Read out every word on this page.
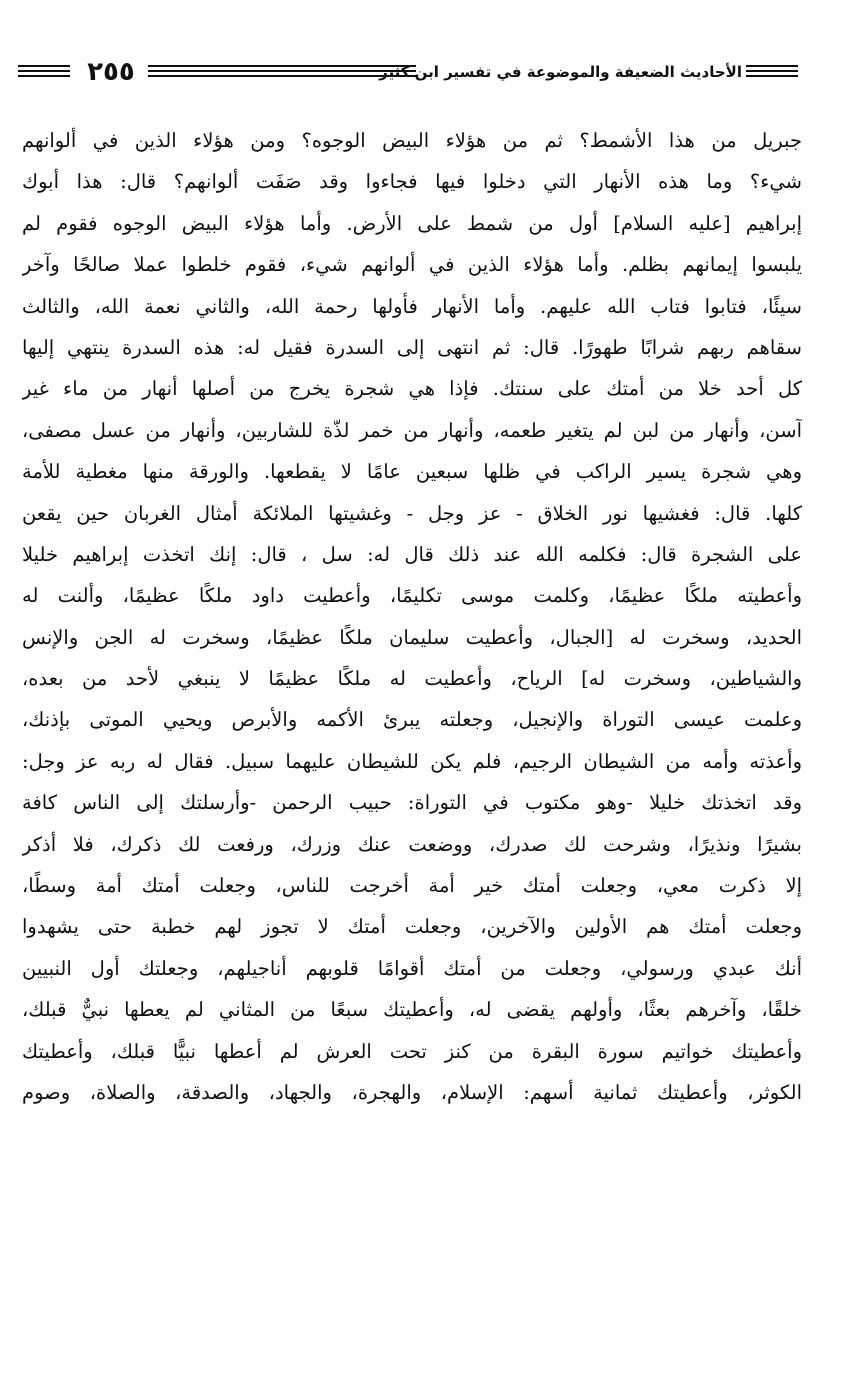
٢٥٥	الأحاديث الضعيفة والموضوعة في تفسير ابن كثير
جبريل من هذا الأشمط؟ ثم من هؤلاء البيض الوجوه؟ ومن هؤلاء الذين في ألوانهم
شيء؟ وما هذه الأنهار التي دخلوا فيها فجاءوا وقد صَفَت ألوانهم؟ قال: هذا أبوك
إبراهيم [عليه السلام] أول من شمط على الأرض. وأما هؤلاء البيض الوجوه فقوم لم
يلبسوا إيمانهم بظلم. وأما هؤلاء الذين في ألوانهم شيء، فقوم خلطوا عملا صالحًا وآخر
سيئًا، فتابوا فتاب الله عليهم. وأما الأنهار فأولها رحمة الله، والثاني نعمة الله، والثالث
سقاهم ربهم شرابًا طهورًا. قال: ثم انتهى إلى السدرة فقيل له: هذه السدرة ينتهي إليها
كل أحد خلا من أمتك على سنتك. فإذا هي شجرة يخرج من أصلها أنهار من ماء غير
آسن، وأنهار من لبن لم يتغير طعمه، وأنهار من خمر لذّة للشاربين، وأنهار من عسل مصفى،
وهي شجرة يسير الراكب في ظلها سبعين عامًا لا يقطعها. والورقة منها مغطية للأمة
كلها. قال: فغشيها نور الخلاق - عز وجل - وغشيتها الملائكة أمثال الغربان حين يقعن
على الشجرة قال: فكلمه الله عند ذلك قال له: سل ، قال: إنك اتخذت إبراهيم خليلا
وأعطيته ملكًا عظيمًا، وكلمت موسى تكليمًا، وأعطيت داود ملكًا عظيمًا، وألنت له
الحديد، وسخرت له [الجبال، وأعطيت سليمان ملكًا عظيمًا، وسخرت له الجن والإنس
والشياطين، وسخرت له] الرياح، وأعطيت له ملكًا عظيمًا لا ينبغي لأحد من بعده،
وعلمت عيسى التوراة والإنجيل، وجعلته يبرئ الأكمه والأبرص ويحيي الموتى بإذنك،
وأعذته وأمه من الشيطان الرجيم، فلم يكن للشيطان عليهما سبيل. فقال له ربه عز وجل:
وقد اتخذتك خليلا -وهو مكتوب في التوراة: حبيب الرحمن -وأرسلتك إلى الناس كافة
بشيرًا ونذيرًا، وشرحت لك صدرك، ووضعت عنك وزرك، ورفعت لك ذكرك، فلا أذكر
إلا ذكرت معي، وجعلت أمتك خير أمة أخرجت للناس، وجعلت أمتك أمة وسطًا،
وجعلت أمتك هم الأولين والآخرين، وجعلت أمتك لا تجوز لهم خطبة حتى يشهدوا
أنك عبدي ورسولي، وجعلت من أمتك أقوامًا قلوبهم أناجيلهم، وجعلتك أول النبيين
خلقًا، وآخرهم بعثًا، وأولهم يقضى له، وأعطيتك سبعًا من المثاني لم يعطها نبيٌّ قبلك،
وأعطيتك خواتيم سورة البقرة من كنز تحت العرش لم أعطها نبيًّا قبلك، وأعطيتك
الكوثر، وأعطيتك ثمانية أسهم: الإسلام، والهجرة، والجهاد، والصدقة، والصلاة، وصوم
